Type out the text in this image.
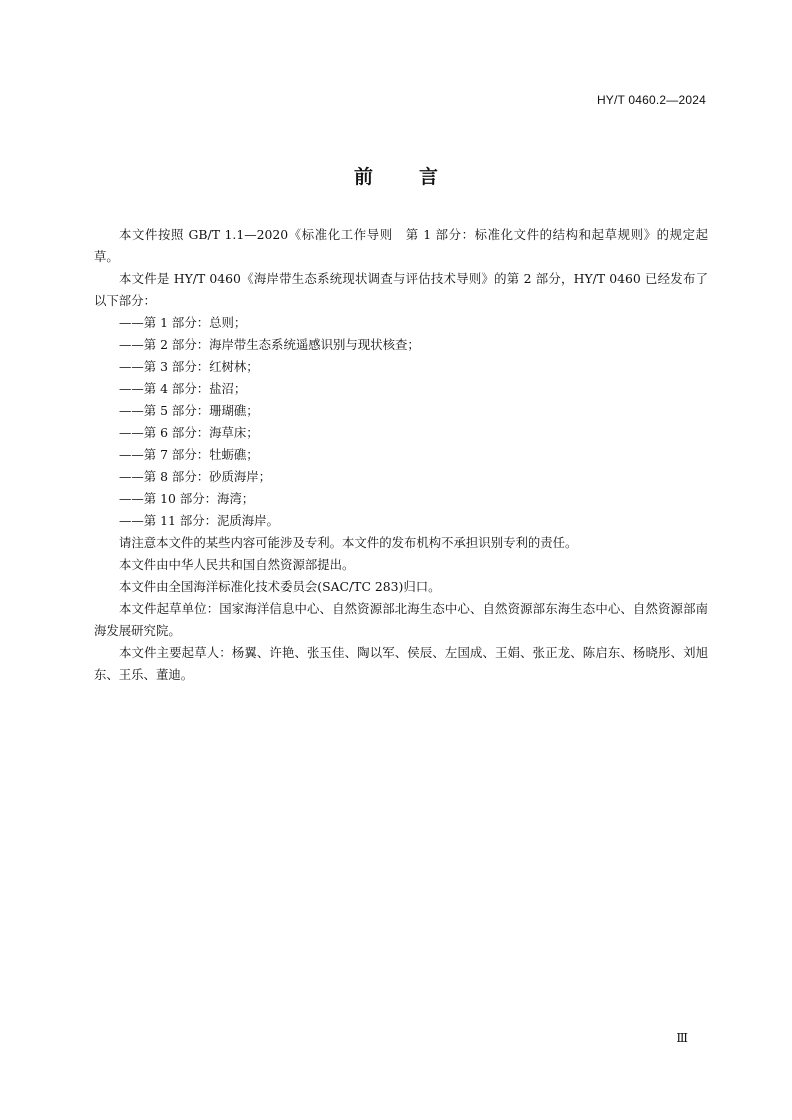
HY/T 0460.2—2024
前言

本文件按照 GB/T 1.1—2020《标准化工作导则　第 1 部分：标准化文件的结构和起草规则》的规定起草。

本文件是 HY/T 0460《海岸带生态系统现状调查与评估技术导则》的第 2 部分，HY/T 0460 已经发布了以下部分：

——第 1 部分：总则；
——第 2 部分：海岸带生态系统遥感识别与现状核查；
——第 3 部分：红树林；
——第 4 部分：盐沼；
——第 5 部分：珊瑚礁；
——第 6 部分：海草床；
——第 7 部分：牡蛎礁；
——第 8 部分：砂质海岸；
——第 10 部分：海湾；
——第 11 部分：泥质海岸。

请注意本文件的某些内容可能涉及专利。本文件的发布机构不承担识别专利的责任。

本文件由中华人民共和国自然资源部提出。

本文件由全国海洋标准化技术委员会(SAC/TC 283)归口。

本文件起草单位：国家海洋信息中心、自然资源部北海生态中心、自然资源部东海生态中心、自然资源部南海发展研究院。

本文件主要起草人：杨翼、许艳、张玉佳、陶以军、侯辰、左国成、王娟、张正龙、陈启东、杨晓彤、刘旭东、王乐、董迪。

Ⅲ
